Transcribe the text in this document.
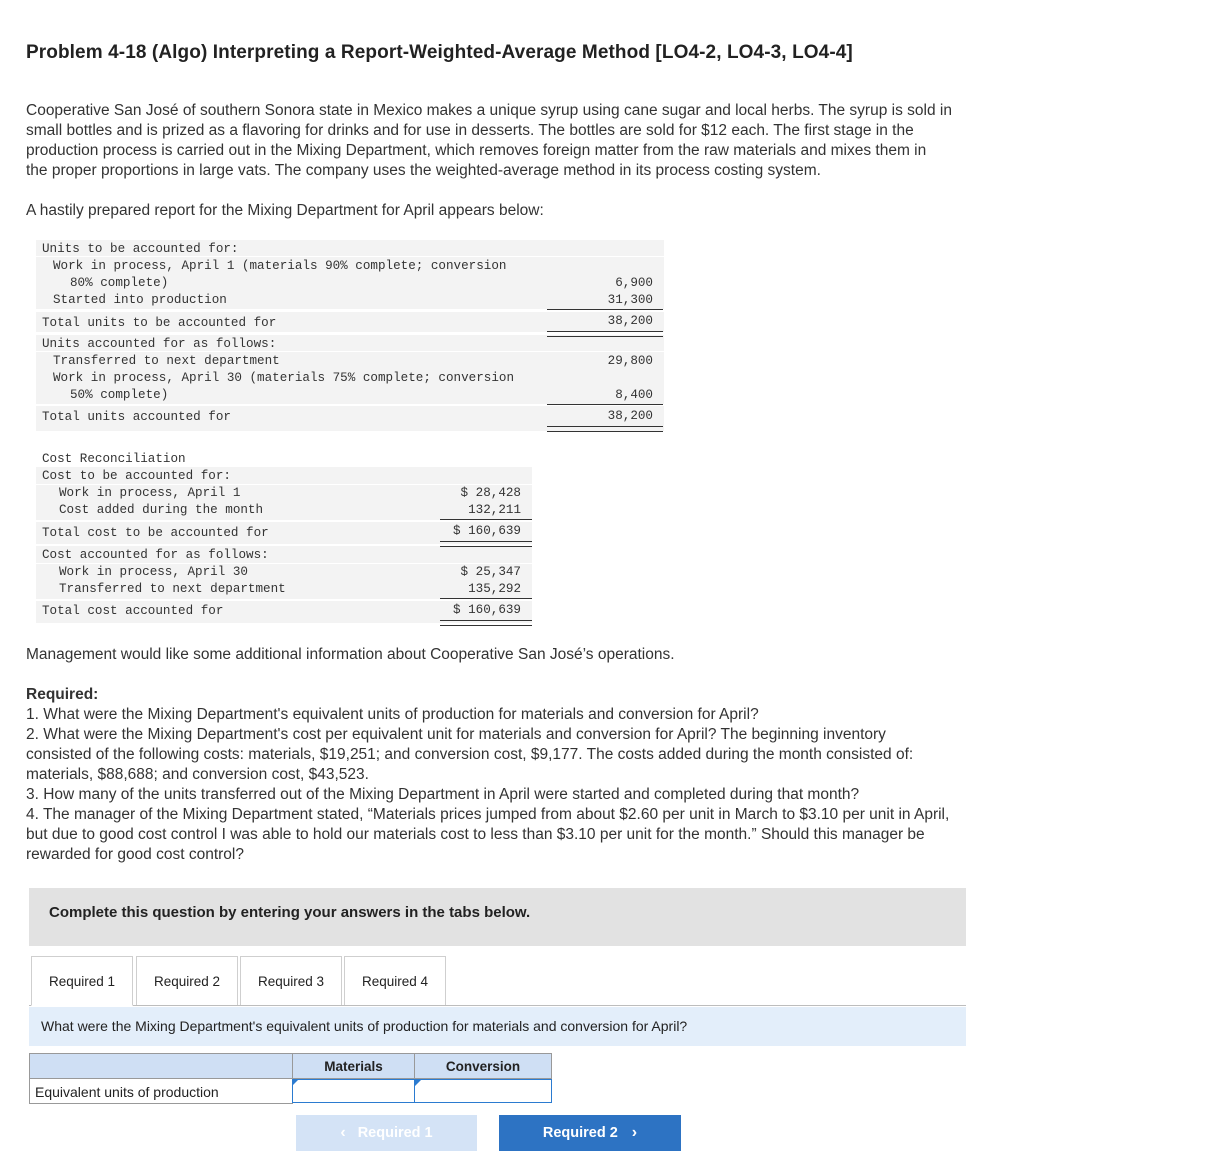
Problem 4-18 (Algo) Interpreting a Report-Weighted-Average Method [LO4-2, LO4-3, LO4-4]
Cooperative San José of southern Sonora state in Mexico makes a unique syrup using cane sugar and local herbs. The syrup is sold in
small bottles and is prized as a flavoring for drinks and for use in desserts. The bottles are sold for $12 each. The first stage in the
production process is carried out in the Mixing Department, which removes foreign matter from the raw materials and mixes them in
the proper proportions in large vats. The company uses the weighted-average method in its process costing system.
A hastily prepared report for the Mixing Department for April appears below:
Units to be accounted for:
Work in process, April 1 (materials 90% complete; conversion
80% complete)	6,900
Started into production	31,300
Total units to be accounted for	38,200
Units accounted for as follows:
Transferred to next department	29,800
Work in process, April 30 (materials 75% complete; conversion
50% complete)	8,400
Total units accounted for	38,200
Cost Reconciliation
Cost to be accounted for:
Work in process, April 1	$ 28,428
Cost added during the month	132,211
Total cost to be accounted for	$ 160,639
Cost accounted for as follows:
Work in process, April 30	$ 25,347
Transferred to next department	135,292
Total cost accounted for	$ 160,639
Management would like some additional information about Cooperative San José’s operations.
Required:
1. What were the Mixing Department's equivalent units of production for materials and conversion for April?
2. What were the Mixing Department's cost per equivalent unit for materials and conversion for April? The beginning inventory
consisted of the following costs: materials, $19,251; and conversion cost, $9,177. The costs added during the month consisted of:
materials, $88,688; and conversion cost, $43,523.
3. How many of the units transferred out of the Mixing Department in April were started and completed during that month?
4. The manager of the Mixing Department stated, “Materials prices jumped from about $2.60 per unit in March to $3.10 per unit in April,
but due to good cost control I was able to hold our materials cost to less than $3.10 per unit for the month.” Should this manager be
rewarded for good cost control?
Complete this question by entering your answers in the tabs below.
Required 1	Required 2	Required 3	Required 4
What were the Mixing Department's equivalent units of production for materials and conversion for April?
Materials	Conversion
Equivalent units of production
‹ Required 1	Required 2 ›
